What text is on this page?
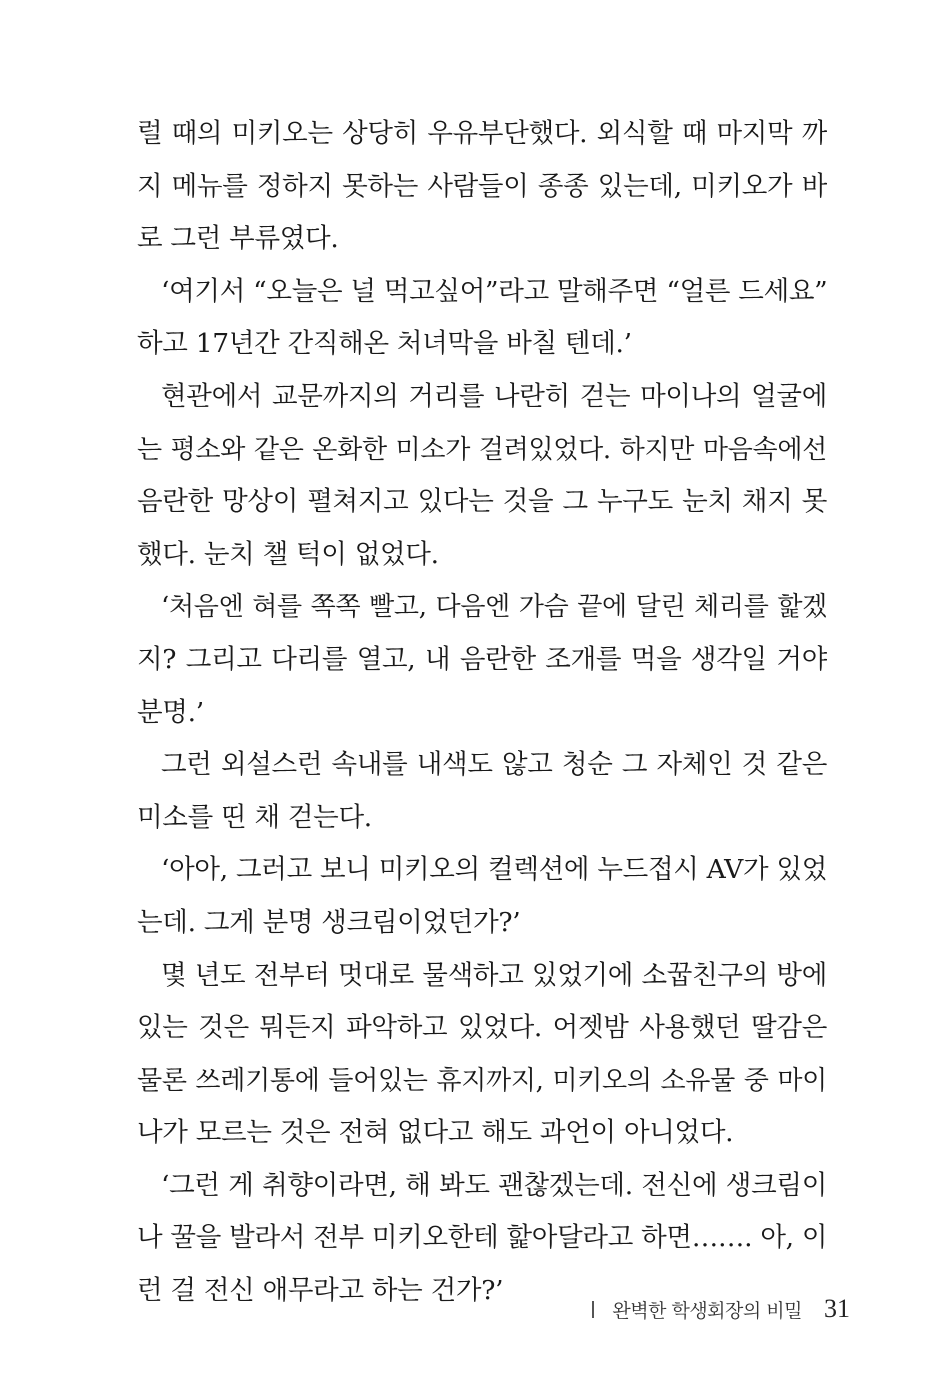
럴 때의 미키오는 상당히 우유부단했다. 외식할 때 마지막 까
지 메뉴를 정하지 못하는 사람들이 종종 있는데, 미키오가 바
로 그런 부류였다.
‘여기서 “오늘은 널 먹고싶어”라고 말해주면 “얼른 드세요”
하고 17년간 간직해온 처녀막을 바칠 텐데.’
현관에서 교문까지의 거리를 나란히 걷는 마이나의 얼굴에
는 평소와 같은 온화한 미소가 걸려있었다. 하지만 마음속에선
음란한 망상이 펼쳐지고 있다는 것을 그 누구도 눈치 채지 못
했다. 눈치 챌 턱이 없었다.
‘처음엔 혀를 쪽쪽 빨고, 다음엔 가슴 끝에 달린 체리를 핥겠
지? 그리고 다리를 열고, 내 음란한 조개를 먹을 생각일 거야
분명.’
그런 외설스런 속내를 내색도 않고 청순 그 자체인 것 같은
미소를 띤 채 걷는다.
‘아아, 그러고 보니 미키오의 컬렉션에 누드접시 AV가 있었
는데. 그게 분명 생크림이었던가?’
몇 년도 전부터 멋대로 물색하고 있었기에 소꿉친구의 방에
있는 것은 뭐든지 파악하고 있었다. 어젯밤 사용했던 딸감은
물론 쓰레기통에 들어있는 휴지까지, 미키오의 소유물 중 마이
나가 모르는 것은 전혀 없다고 해도 과언이 아니었다.
‘그런 게 취향이라면, 해 봐도 괜찮겠는데. 전신에 생크림이
나 꿀을 발라서 전부 미키오한테 핥아달라고 하면……. 아, 이
런 걸 전신 애무라고 하는 건가?’
완벽한 학생회장의 비밀 31
